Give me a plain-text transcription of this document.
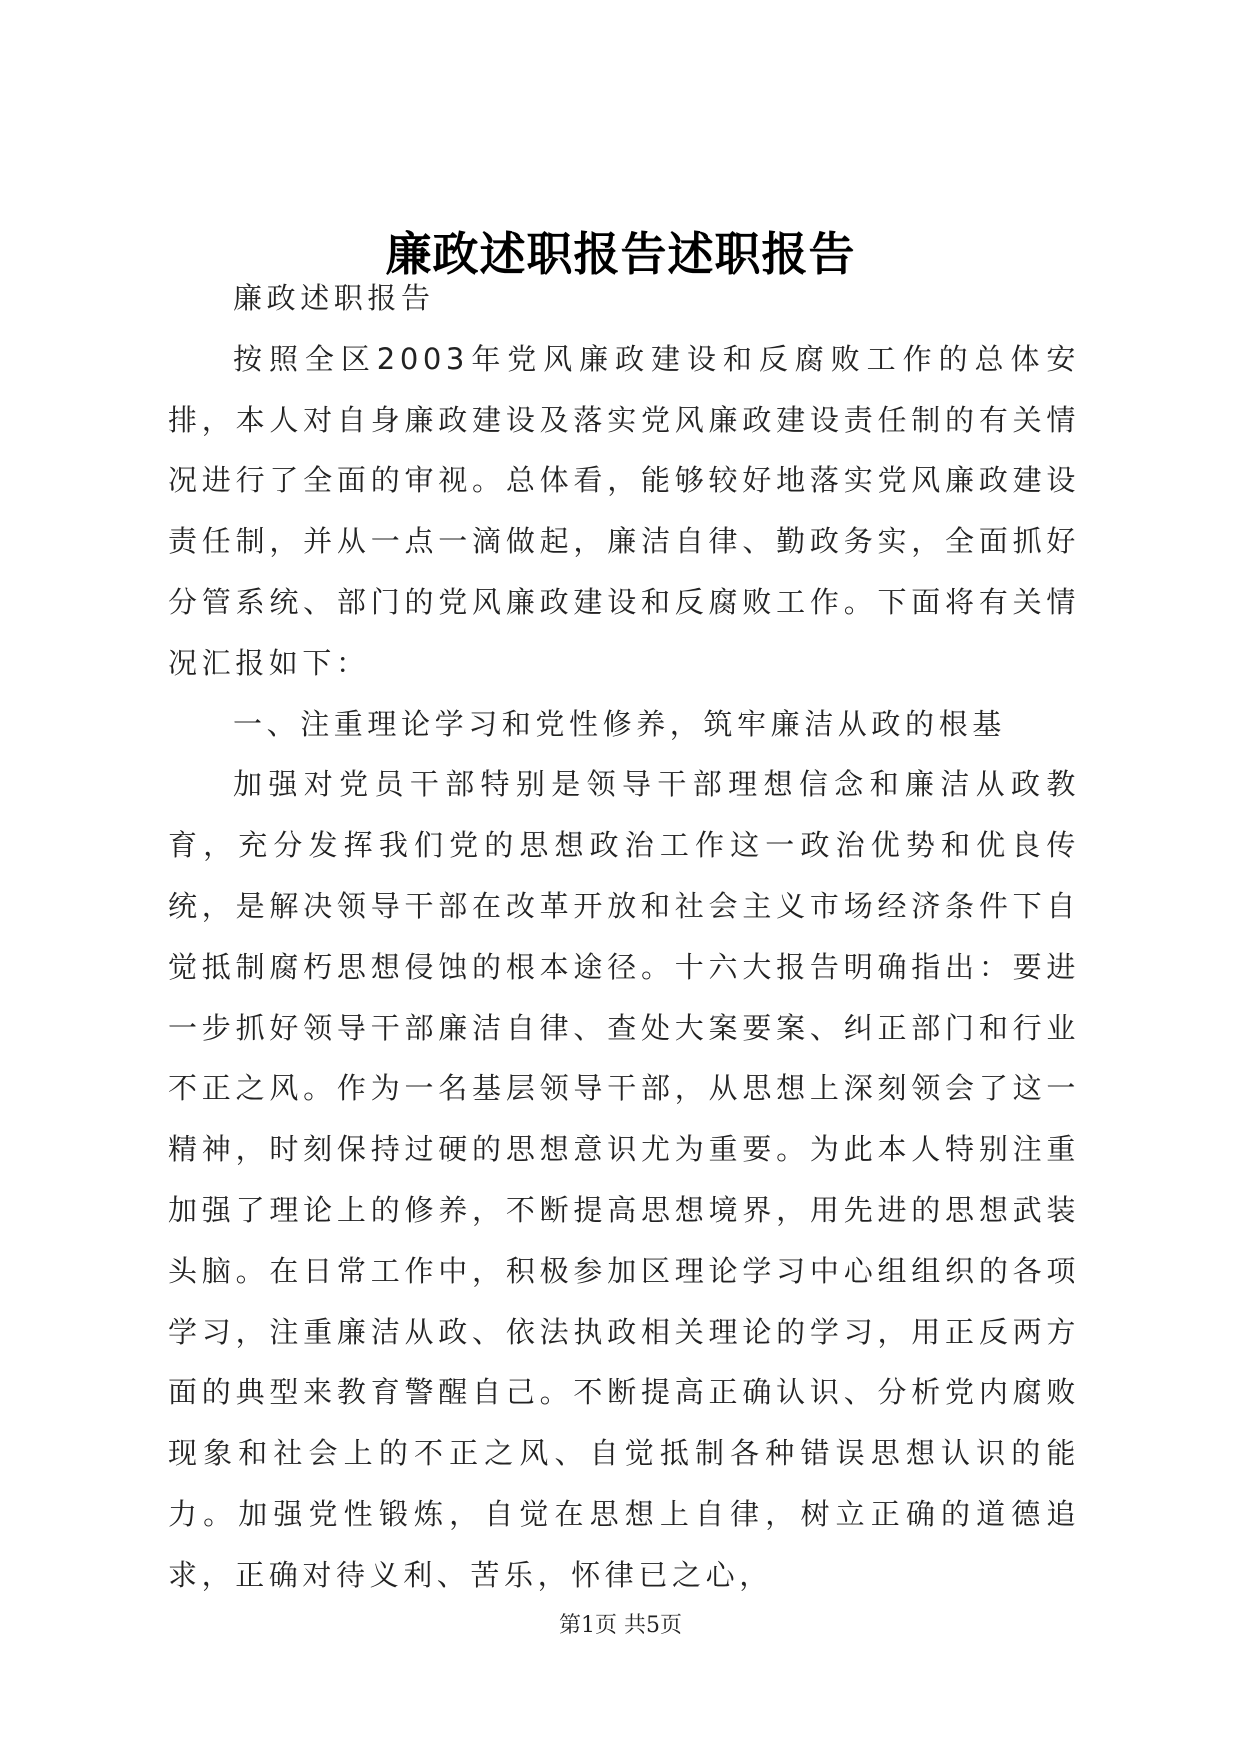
廉政述职报告述职报告

廉政述职报告

按照全区2003年党风廉政建设和反腐败工作的总体安排，本人对自身廉政建设及落实党风廉政建设责任制的有关情况进行了全面的审视。总体看，能够较好地落实党风廉政建设责任制，并从一点一滴做起，廉洁自律、勤政务实，全面抓好分管系统、部门的党风廉政建设和反腐败工作。下面将有关情况汇报如下：

一、注重理论学习和党性修养，筑牢廉洁从政的根基

加强对党员干部特别是领导干部理想信念和廉洁从政教育，充分发挥我们党的思想政治工作这一政治优势和优良传统，是解决领导干部在改革开放和社会主义市场经济条件下自觉抵制腐朽思想侵蚀的根本途径。十六大报告明确指出：要进一步抓好领导干部廉洁自律、查处大案要案、纠正部门和行业不正之风。作为一名基层领导干部，从思想上深刻领会了这一精神，时刻保持过硬的思想意识尤为重要。为此本人特别注重加强了理论上的修养，不断提高思想境界，用先进的思想武装头脑。在日常工作中，积极参加区理论学习中心组组织的各项学习，注重廉洁从政、依法执政相关理论的学习，用正反两方面的典型来教育警醒自己。不断提高正确认识、分析党内腐败现象和社会上的不正之风、自觉抵制各种错误思想认识的能力。加强党性锻炼，自觉在思想上自律，树立正确的道德追求，正确对待义利、苦乐，怀律已之心，

第1页 共5页
